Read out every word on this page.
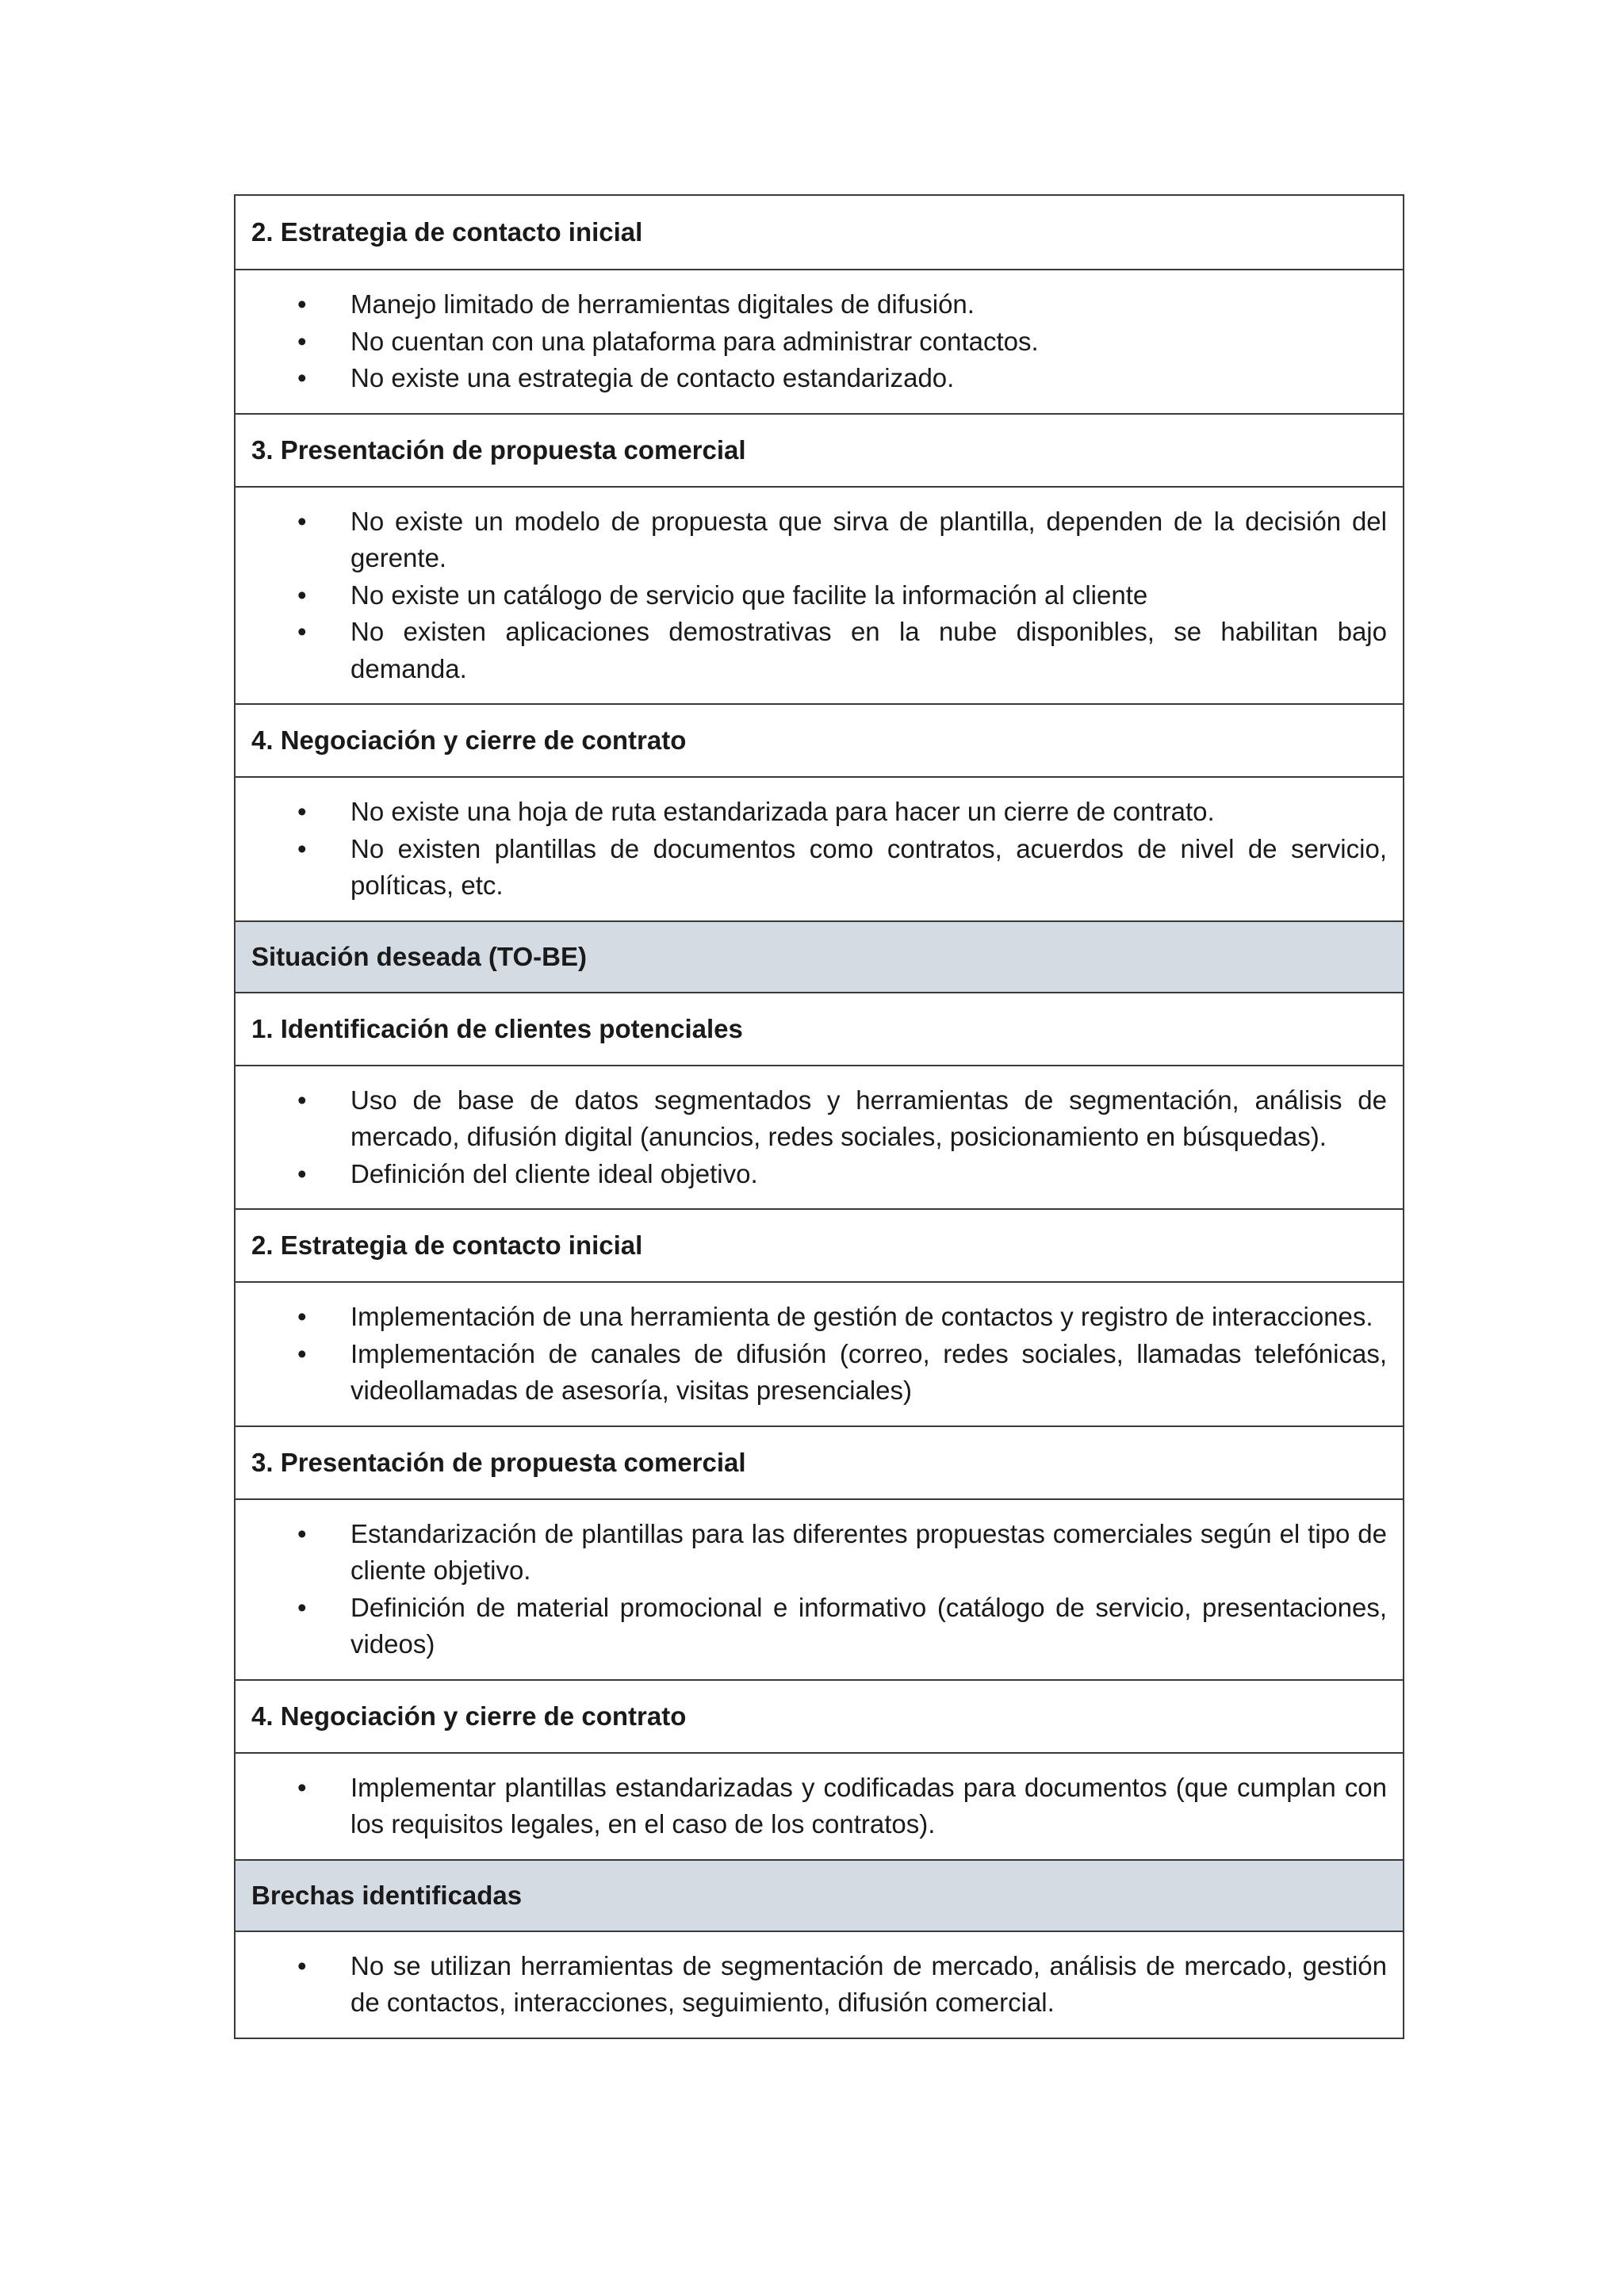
2. Estrategia de contacto inicial
• Manejo limitado de herramientas digitales de difusión.
• No cuentan con una plataforma para administrar contactos.
• No existe una estrategia de contacto estandarizado.
3. Presentación de propuesta comercial
• No existe un modelo de propuesta que sirva de plantilla, dependen de la decisión del gerente.
• No existe un catálogo de servicio que facilite la información al cliente
• No existen aplicaciones demostrativas en la nube disponibles, se habilitan bajo demanda.
4. Negociación y cierre de contrato
• No existe una hoja de ruta estandarizada para hacer un cierre de contrato.
• No existen plantillas de documentos como contratos, acuerdos de nivel de servicio, políticas, etc.
Situación deseada (TO-BE)
1. Identificación de clientes potenciales
• Uso de base de datos segmentados y herramientas de segmentación, análisis de mercado, difusión digital (anuncios, redes sociales, posicionamiento en búsquedas).
• Definición del cliente ideal objetivo.
2. Estrategia de contacto inicial
• Implementación de una herramienta de gestión de contactos y registro de interacciones.
• Implementación de canales de difusión (correo, redes sociales, llamadas telefónicas, videollamadas de asesoría, visitas presenciales)
3. Presentación de propuesta comercial
• Estandarización de plantillas para las diferentes propuestas comerciales según el tipo de cliente objetivo.
• Definición de material promocional e informativo (catálogo de servicio, presentaciones, videos)
4. Negociación y cierre de contrato
• Implementar plantillas estandarizadas y codificadas para documentos (que cumplan con los requisitos legales, en el caso de los contratos).
Brechas identificadas
• No se utilizan herramientas de segmentación de mercado, análisis de mercado, gestión de contactos, interacciones, seguimiento, difusión comercial.
